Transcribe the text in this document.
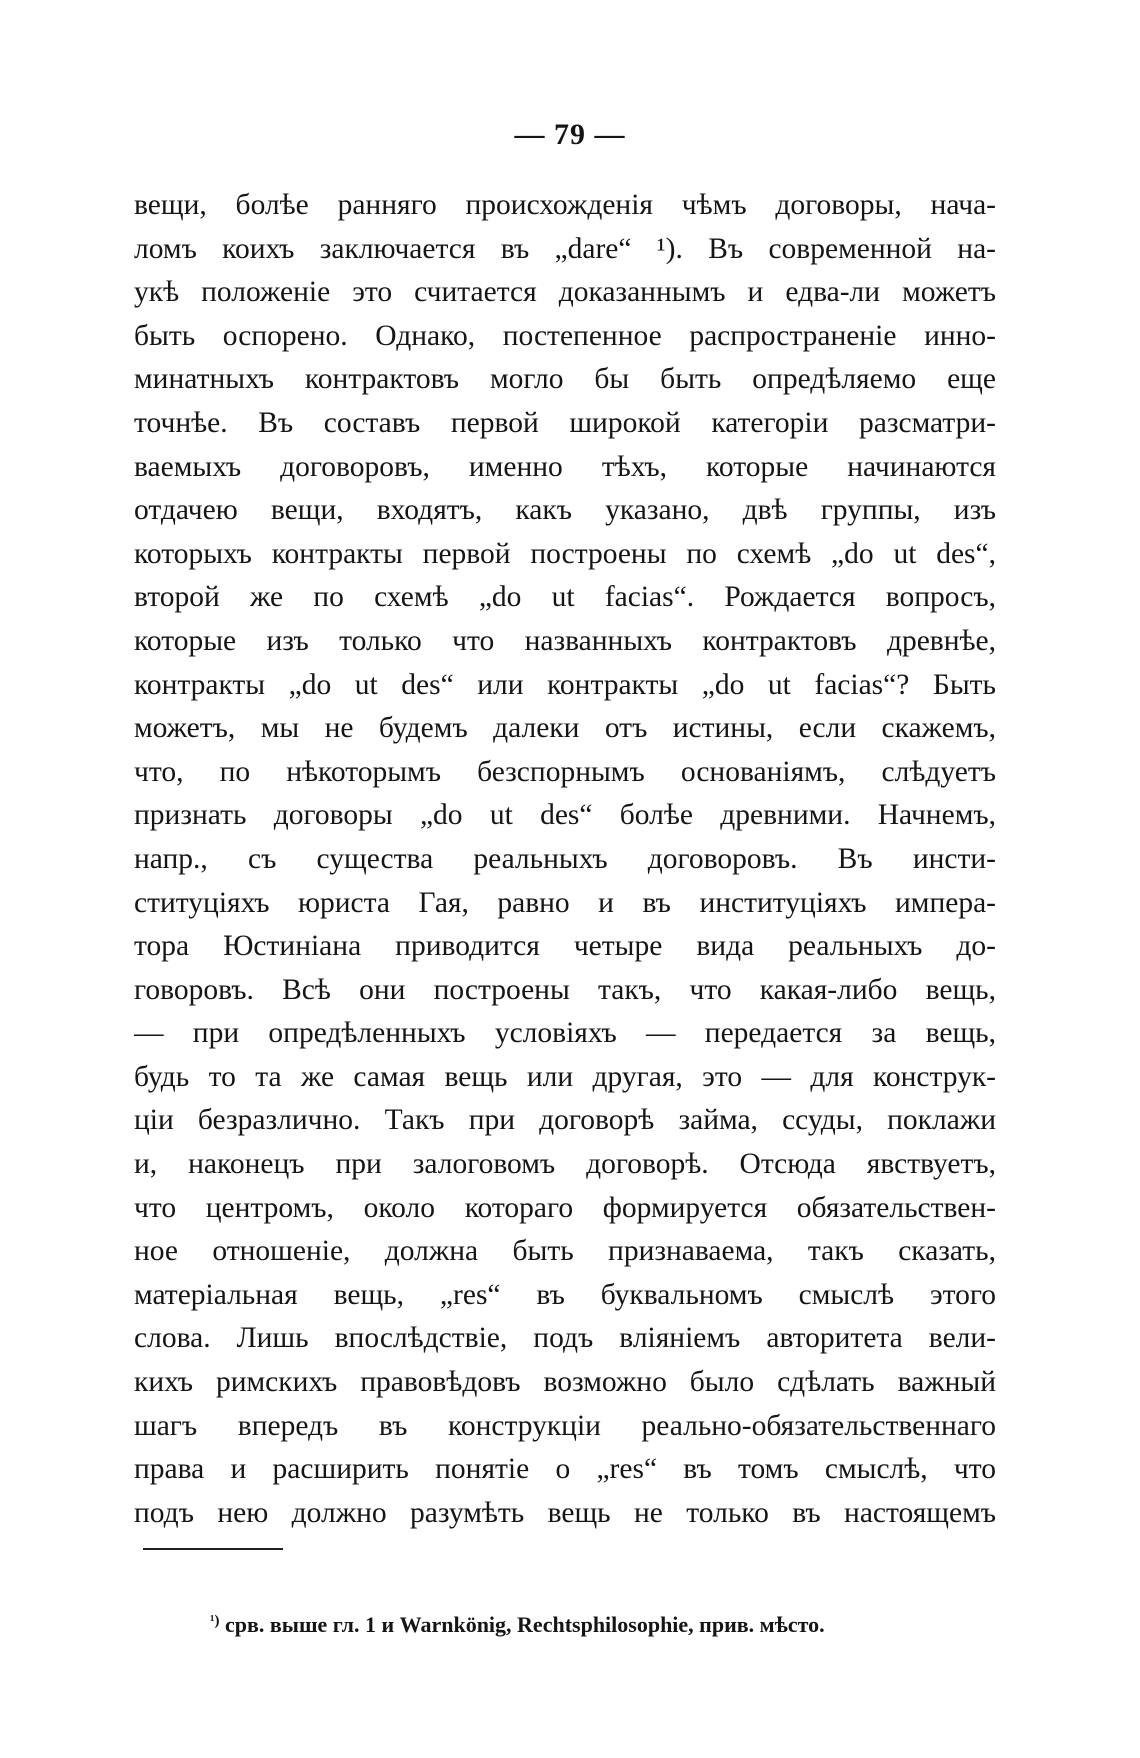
— 79 —
вещи, болѣе ранняго происхожденія чѣмъ договоры, нача-
ломъ коихъ заключается въ „dare“ ¹). Въ современной на-
укѣ положеніе это считается доказаннымъ и едва-ли можетъ
быть оспорено. Однако, постепенное распространеніе инно-
минатныхъ контрактовъ могло бы быть опредѣляемо еще
точнѣе. Въ составъ первой широкой категоріи разсматри-
ваемыхъ договоровъ, именно тѣхъ, которые начинаются
отдачею вещи, входятъ, какъ указано, двѣ группы, изъ
которыхъ контракты первой построены по схемѣ „do ut des“,
второй же по схемѣ „do ut facias“. Рождается вопросъ,
которые изъ только что названныхъ контрактовъ древнѣе,
контракты „do ut des“ или контракты „do ut facias“? Быть
можетъ, мы не будемъ далеки отъ истины, если скажемъ,
что, по нѣкоторымъ безспорнымъ основаніямъ, слѣдуетъ
признать договоры „do ut des“ болѣе древними. Начнемъ,
напр., съ существа реальныхъ договоровъ. Въ инсти-
ституціяхъ юриста Гая, равно и въ институціяхъ импера-
тора Юстиніана приводится четыре вида реальныхъ до-
говоровъ. Всѣ они построены такъ, что какая-либо вещь,
— при опредѣленныхъ условіяхъ — передается за вещь,
будь то та же самая вещь или другая, это — для конструк-
ціи безразлично. Такъ при договорѣ займа, ссуды, поклажи
и, наконецъ при залоговомъ договорѣ. Отсюда явствуетъ,
что центромъ, около котораго формируется обязательствен-
ное отношеніе, должна быть признаваема, такъ сказать,
матеріальная вещь, „res“ въ буквальномъ смыслѣ этого
слова. Лишь впослѣдствіе, подъ вліяніемъ авторитета вели-
кихъ римскихъ правовѣдовъ возможно было сдѣлать важный
шагъ впередъ въ конструкціи реально-обязательственнаго
права и расширить понятіе о „res“ въ томъ смыслѣ, что
подъ нею должно разумѣть вещь не только въ настоящемъ
$^{^1)}$ срв. выше гл. 1 и Warnkönig, Rechtsphilosophie, прив. мѣсто.
